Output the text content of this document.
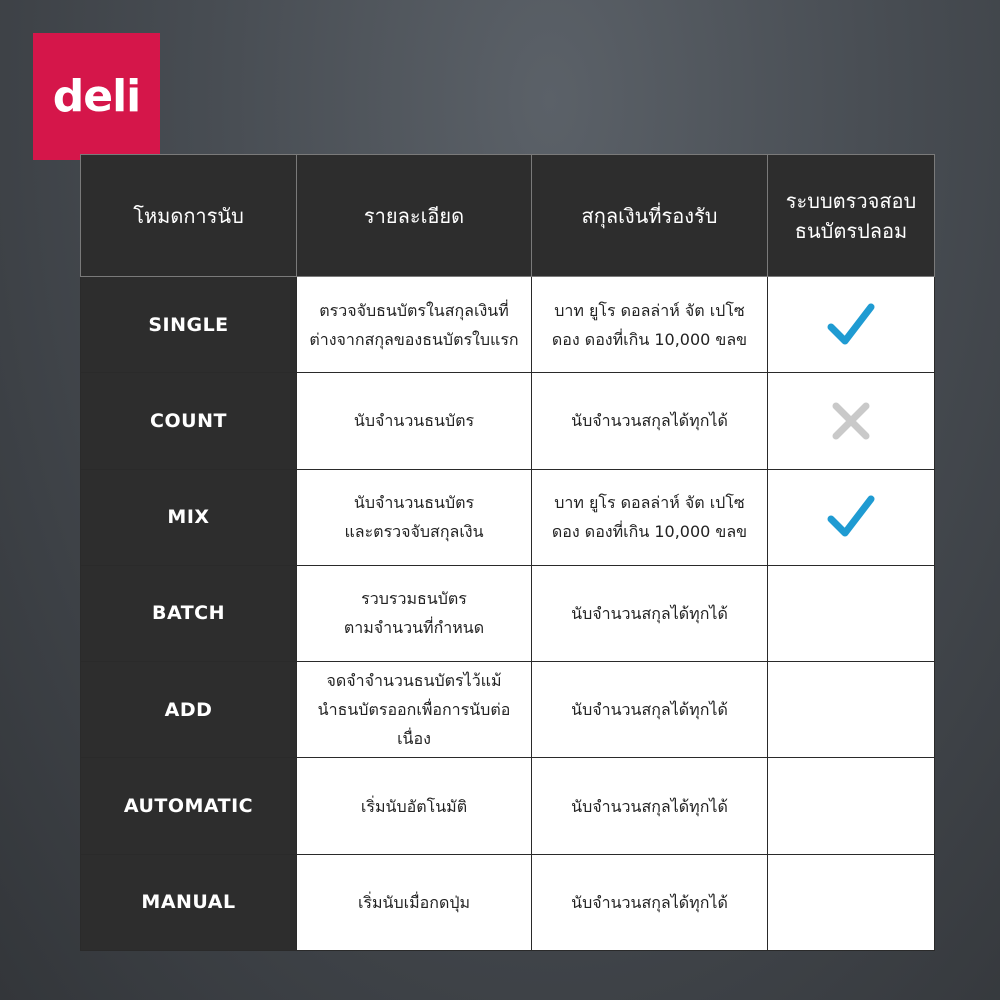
deli
โหมดการนับ	รายละเอียด	สกุลเงินที่รองรับ	ระบบตรวจสอบ
ธนบัตรปลอม

SINGLE	ตรวจจับธนบัตรในสกุลเงินที่
ต่างจากสกุลของธนบัตรใบแรก	บาท ยูโร ดอลล่าห์ จัต เปโซ
ดอง ดองที่เกิน 10,000 ขลข

COUNT	นับจำนวนธนบัตร	นับจำนวนสกุลได้ทุกได้

MIX	นับจำนวนธนบัตร
และตรวจจับสกุลเงิน	บาท ยูโร ดอลล่าห์ จัต เปโซ
ดอง ดองที่เกิน 10,000 ขลข

BATCH	รวบรวมธนบัตร
ตามจำนวนที่กำหนด	นับจำนวนสกุลได้ทุกได้	

ADD	จดจำจำนวนธนบัตรไว้แม้
นำธนบัตรออกเพื่อการนับต่อเนื่อง	นับจำนวนสกุลได้ทุกได้	

AUTOMATIC	เริ่มนับอัตโนมัติ	นับจำนวนสกุลได้ทุกได้	

MANUAL	เริ่มนับเมื่อกดปุ่ม	นับจำนวนสกุลได้ทุกได้	
